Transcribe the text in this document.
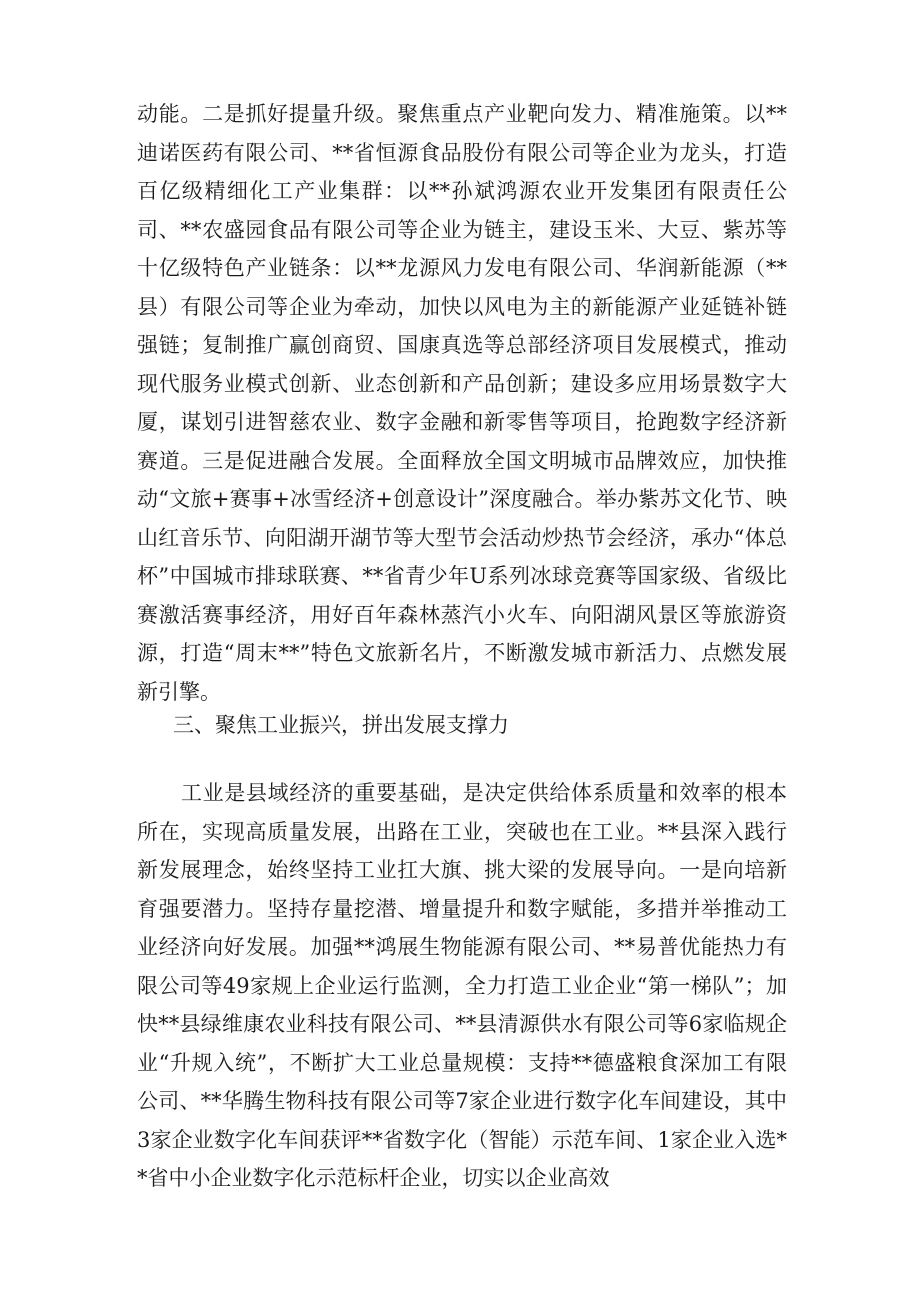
动能。二是抓好提量升级。聚焦重点产业靶向发力、精准施策。以**迪诺医药有限公司、**省恒源食品股份有限公司等企业为龙头，打造百亿级精细化工产业集群：以**孙斌鸿源农业开发集团有限责任公司、**农盛园食品有限公司等企业为链主，建设玉米、大豆、紫苏等十亿级特色产业链条：以**龙源风力发电有限公司、华润新能源（**县）有限公司等企业为牵动，加快以风电为主的新能源产业延链补链强链；复制推广赢创商贸、国康真选等总部经济项目发展模式，推动现代服务业模式创新、业态创新和产品创新；建设多应用场景数字大厦，谋划引进智慈农业、数字金融和新零售等项目，抢跑数字经济新赛道。三是促进融合发展。全面释放全国文明城市品牌效应，加快推动“文旅+赛事+冰雪经济+创意设计”深度融合。举办紫苏文化节、映山红音乐节、向阳湖开湖节等大型节会活动炒热节会经济，承办“体总杯”中国城市排球联赛、**省青少年U系列冰球竞赛等国家级、省级比赛激活赛事经济，用好百年森林蒸汽小火车、向阳湖风景区等旅游资源，打造“周末**”特色文旅新名片，不断激发城市新活力、点燃发展新引擎。

三、聚焦工业振兴，拼出发展支撑力

工业是县域经济的重要基础，是决定供给体系质量和效率的根本所在，实现高质量发展，出路在工业，突破也在工业。**县深入践行新发展理念，始终坚持工业扛大旗、挑大梁的发展导向。一是向培新育强要潜力。坚持存量挖潜、增量提升和数字赋能，多措并举推动工业经济向好发展。加强**鸿展生物能源有限公司、**易普优能热力有限公司等49家规上企业运行监测，全力打造工业企业“第一梯队”；加快**县绿维康农业科技有限公司、**县清源供水有限公司等6家临规企业“升规入统”，不断扩大工业总量规模：支持**德盛粮食深加工有限公司、**华腾生物科技有限公司等7家企业进行数字化车间建设，其中3家企业数字化车间获评**省数字化（智能）示范车间、1家企业入选**省中小企业数字化示范标杆企业，切实以企业高效
